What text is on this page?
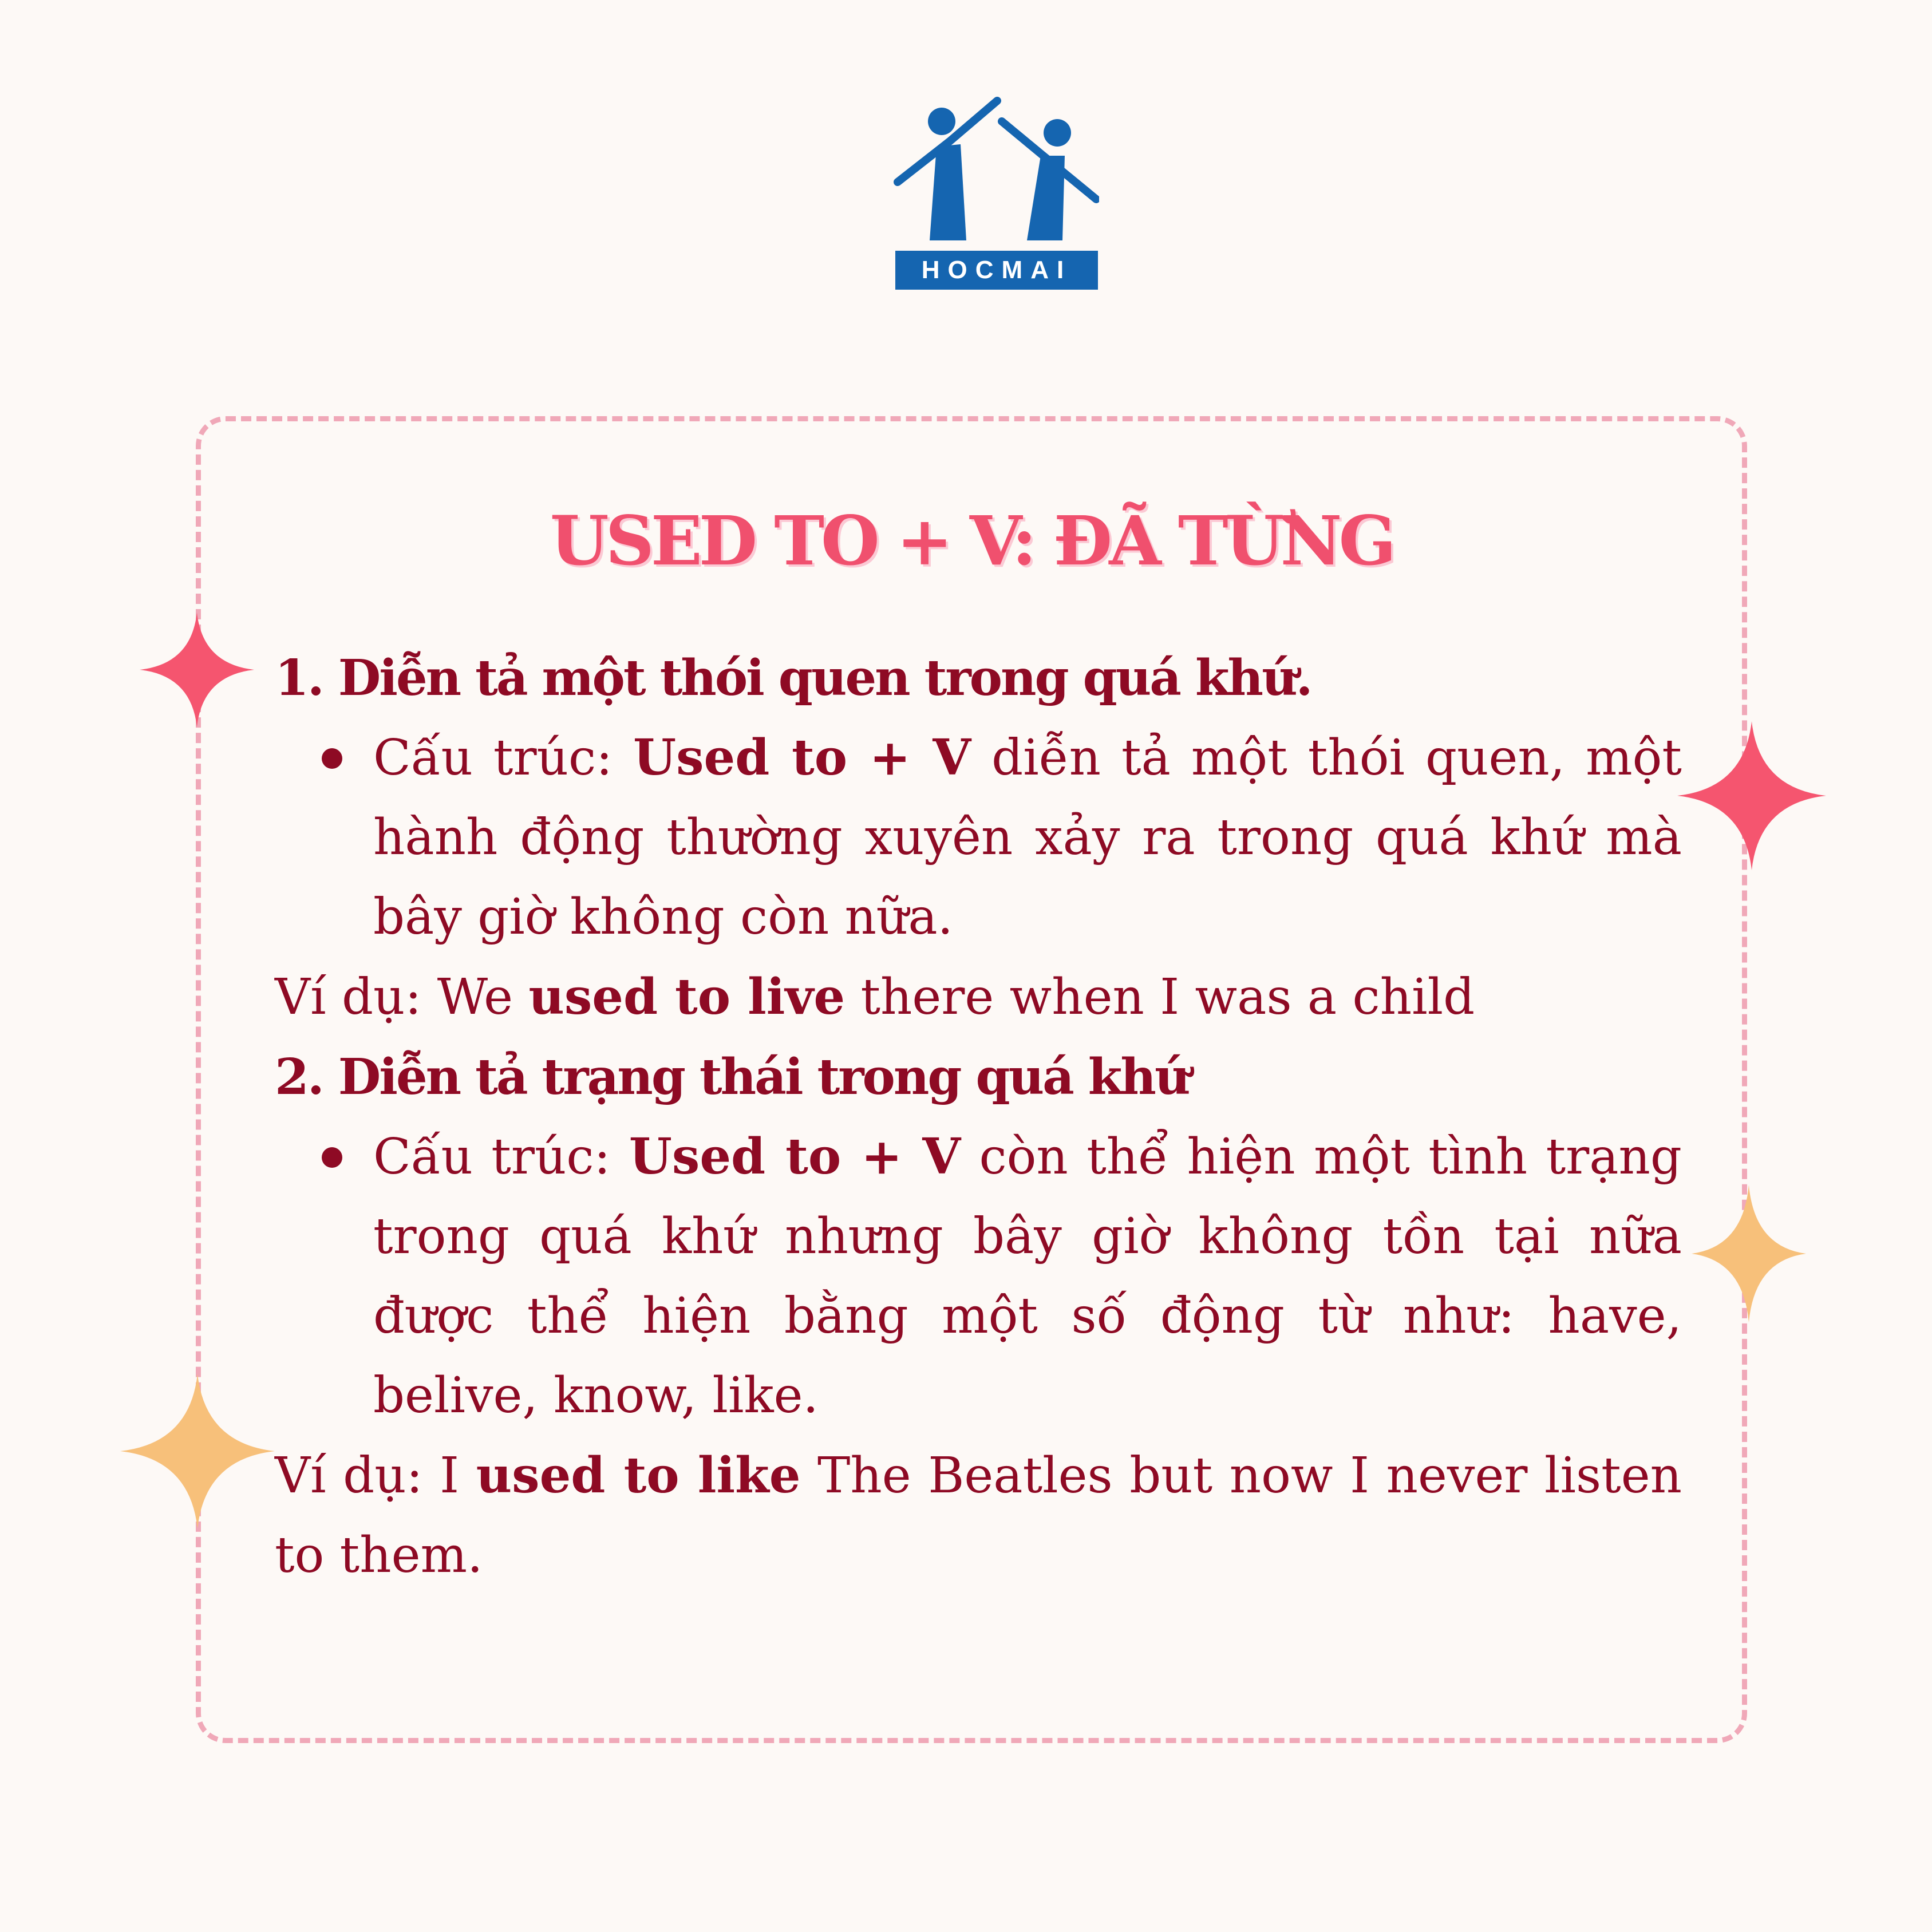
HOCMAI
USED TO + V: ĐÃ TỪNG

1. Diễn tả một thói quen trong quá khứ.

Cấu trúc: Used to + V diễn tả một thói quen, một hành động thường xuyên xảy ra trong quá khứ mà bây giờ không còn nữa.

Ví dụ: We used to live there when I was a child

2. Diễn tả trạng thái trong quá khứ

Cấu trúc: Used to + V còn thể hiện một tình trạng trong quá khứ nhưng bây giờ không tồn tại nữa được thể hiện bằng một số động từ như: have, belive, know, like.

Ví dụ: I used to like The Beatles but now I never listen to them.
